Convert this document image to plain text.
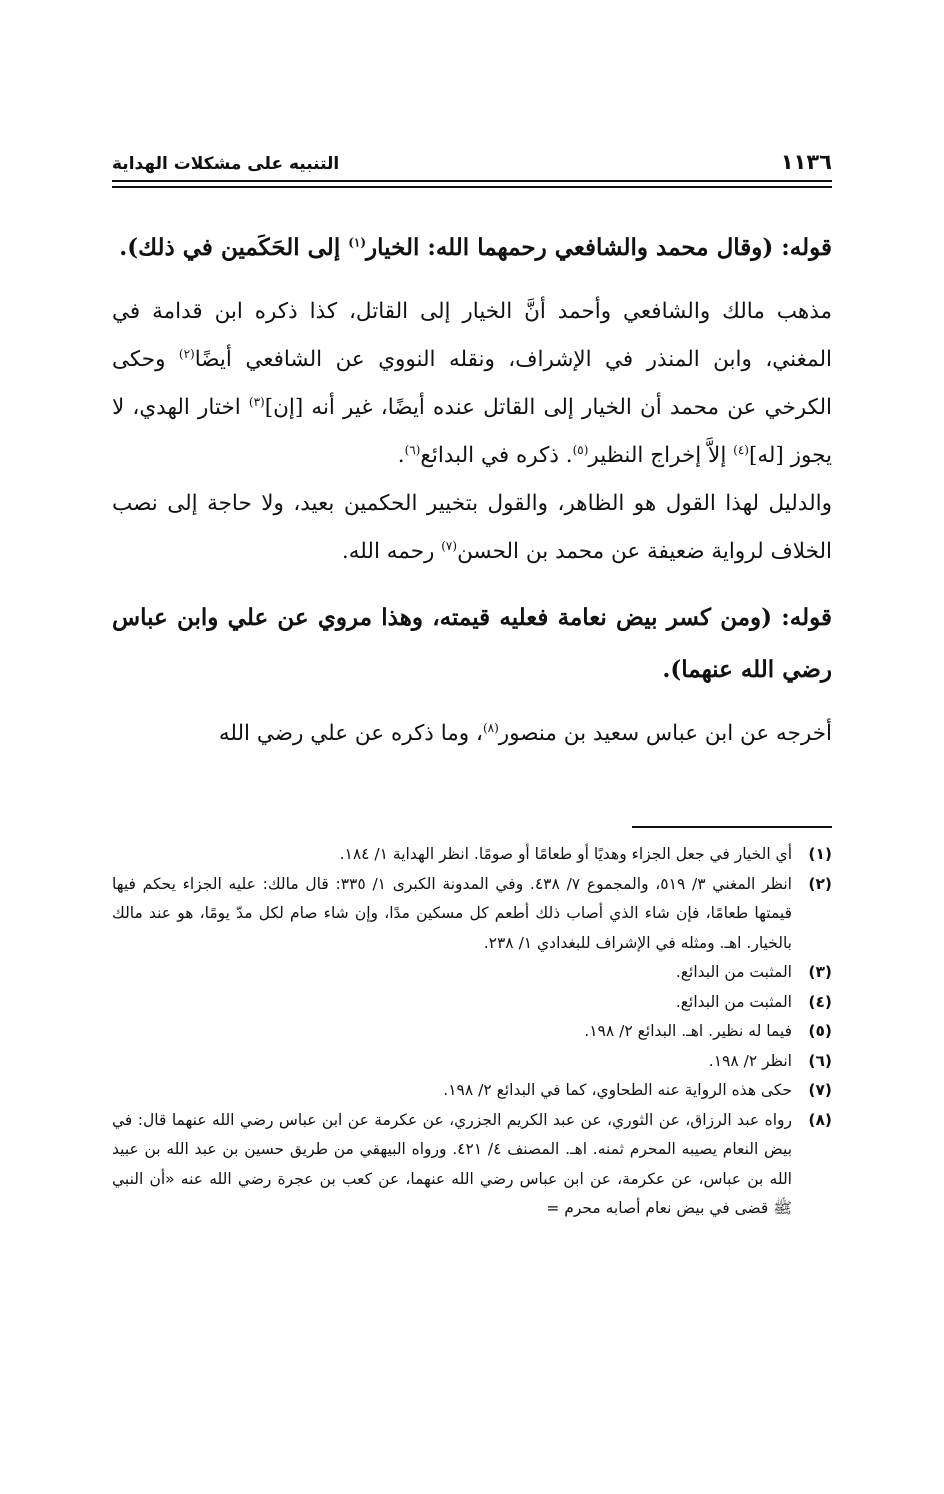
١١٣٦
التنبيه على مشكلات الهداية

قوله: (وقال محمد والشافعي رحمهما الله: الخيار$^{(١)}$ إلى الحَكَمين في ذلك).

مذهب مالك والشافعي وأحمد أنَّ الخيار إلى القاتل، كذا ذكره ابن قدامة في المغني، وابن المنذر في الإشراف، ونقله النووي عن الشافعي أيضًا$^{(٢)}$ وحكى الكرخي عن محمد أن الخيار إلى القاتل عنده أيضًا، غير أنه [إن]$^{(٣)}$ اختار الهدي، لا يجوز [له]$^{(٤)}$ إلاَّ إخراج النظير$^{(٥)}$. ذكره في البدائع$^{(٦)}$.

والدليل لهذا القول هو الظاهر، والقول بتخيير الحكمين بعيد، ولا حاجة إلى نصب الخلاف لرواية ضعيفة عن محمد بن الحسن$^{(٧)}$ رحمه الله.

قوله: (ومن كسر بيض نعامة فعليه قيمته، وهذا مروي عن علي وابن عباس رضي الله عنهما).

أخرجه عن ابن عباس سعيد بن منصور$^{(٨)}$، وما ذكره عن علي رضي الله

(١)
أي الخيار في جعل الجزاء وهديًا أو طعامًا أو صومًا. انظر الهداية ١/ ١٨٤.
(٢)
انظر المغني ٣/ ٥١٩، والمجموع ٧/ ٤٣٨. وفي المدونة الكبرى ١/ ٣٣٥: قال مالك: عليه الجزاء يحكم فيها قيمتها طعامًا، فإن شاء الذي أصاب ذلك أطعم كل مسكين مدًا، وإن شاء صام لكل مدّ يومًا، هو عند مالك بالخيار. اهـ. ومثله في الإشراف للبغدادي ١/ ٢٣٨.
(٣)
المثبت من البدائع.
(٤)
المثبت من البدائع.
(٥)
فيما له نظير. اهـ. البدائع ٢/ ١٩٨.
(٦)
انظر ٢/ ١٩٨.
(٧)
حكى هذه الرواية عنه الطحاوي، كما في البدائع ٢/ ١٩٨.
(٨)
رواه عبد الرزاق، عن الثوري، عن عبد الكريم الجزري، عن عكرمة عن ابن عباس رضي الله عنهما قال: في بيض النعام يصيبه المحرم ثمنه. اهـ. المصنف ٤/ ٤٢١. ورواه البيهقي من طريق حسين بن عبد الله بن عبيد الله بن عباس، عن عكرمة، عن ابن عباس رضي الله عنهما، عن كعب بن عجرة رضي الله عنه «أن النبي ﷺ قضى في بيض نعام أصابه محرم =
